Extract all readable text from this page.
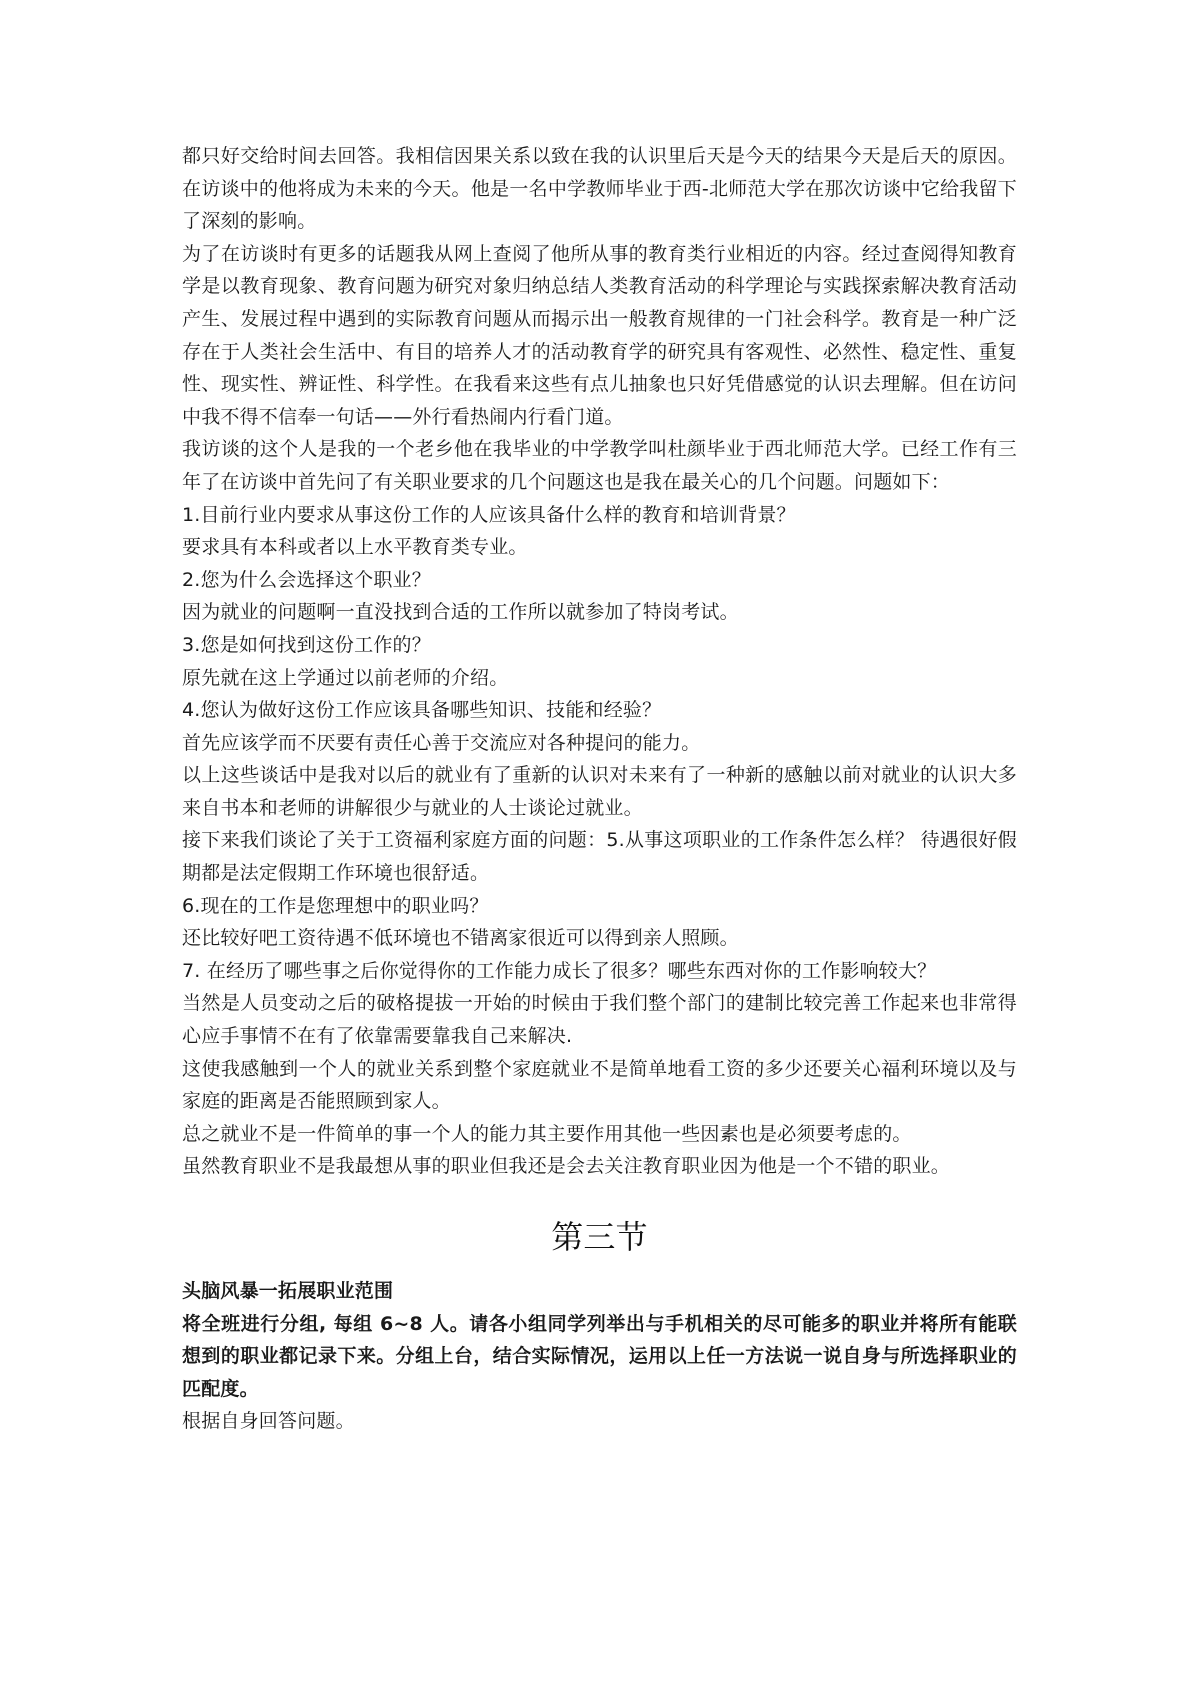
都只好交给时间去回答。我相信因果关系以致在我的认识里后天是今天的结果今天是后天的原因。在访谈中的他将成为未来的今天。他是一名中学教师毕业于西-北师范大学在那次访谈中它给我留下了深刻的影响。

为了在访谈时有更多的话题我从网上查阅了他所从事的教育类行业相近的内容。经过查阅得知教育学是以教育现象、教育问题为研究对象归纳总结人类教育活动的科学理论与实践探索解决教育活动产生、发展过程中遇到的实际教育问题从而揭示出一般教育规律的一门社会科学。教育是一种广泛存在于人类社会生活中、有目的培养人才的活动教育学的研究具有客观性、必然性、稳定性、重复性、现实性、辨证性、科学性。在我看来这些有点儿抽象也只好凭借感觉的认识去理解。但在访问中我不得不信奉一句话——外行看热闹内行看门道。

我访谈的这个人是我的一个老乡他在我毕业的中学教学叫杜颜毕业于西北师范大学。已经工作有三年了在访谈中首先问了有关职业要求的几个问题这也是我在最关心的几个问题。问题如下：

1.目前行业内要求从事这份工作的人应该具备什么样的教育和培训背景？

要求具有本科或者以上水平教育类专业。

2.您为什么会选择这个职业？

因为就业的问题啊一直没找到合适的工作所以就参加了特岗考试。

3.您是如何找到这份工作的？

原先就在这上学通过以前老师的介绍。

4.您认为做好这份工作应该具备哪些知识、技能和经验？

首先应该学而不厌要有责任心善于交流应对各种提问的能力。

以上这些谈话中是我对以后的就业有了重新的认识对未来有了一种新的感触以前对就业的认识大多来自书本和老师的讲解很少与就业的人士谈论过就业。

接下来我们谈论了关于工资福利家庭方面的问题：5.从事这项职业的工作条件怎么样？ 待遇很好假期都是法定假期工作环境也很舒适。

6.现在的工作是您理想中的职业吗？

还比较好吧工资待遇不低环境也不错离家很近可以得到亲人照顾。

7. 在经历了哪些事之后你觉得你的工作能力成长了很多？哪些东西对你的工作影响较大？

当然是人员变动之后的破格提拔一开始的时候由于我们整个部门的建制比较完善工作起来也非常得心应手事情不在有了依靠需要靠我自己来解决.

这使我感触到一个人的就业关系到整个家庭就业不是简单地看工资的多少还要关心福利环境以及与家庭的距离是否能照顾到家人。

总之就业不是一件简单的事一个人的能力其主要作用其他一些因素也是必须要考虑的。

虽然教育职业不是我最想从事的职业但我还是会去关注教育职业因为他是一个不错的职业。

第三节

头脑风暴一拓展职业范围

将全班进行分组, 每组 6~8 人。请各小组同学列举出与手机相关的尽可能多的职业并将所有能联想到的职业都记录下来。分组上台，结合实际情况，运用以上任一方法说一说自身与所选择职业的匹配度。

根据自身回答问题。
